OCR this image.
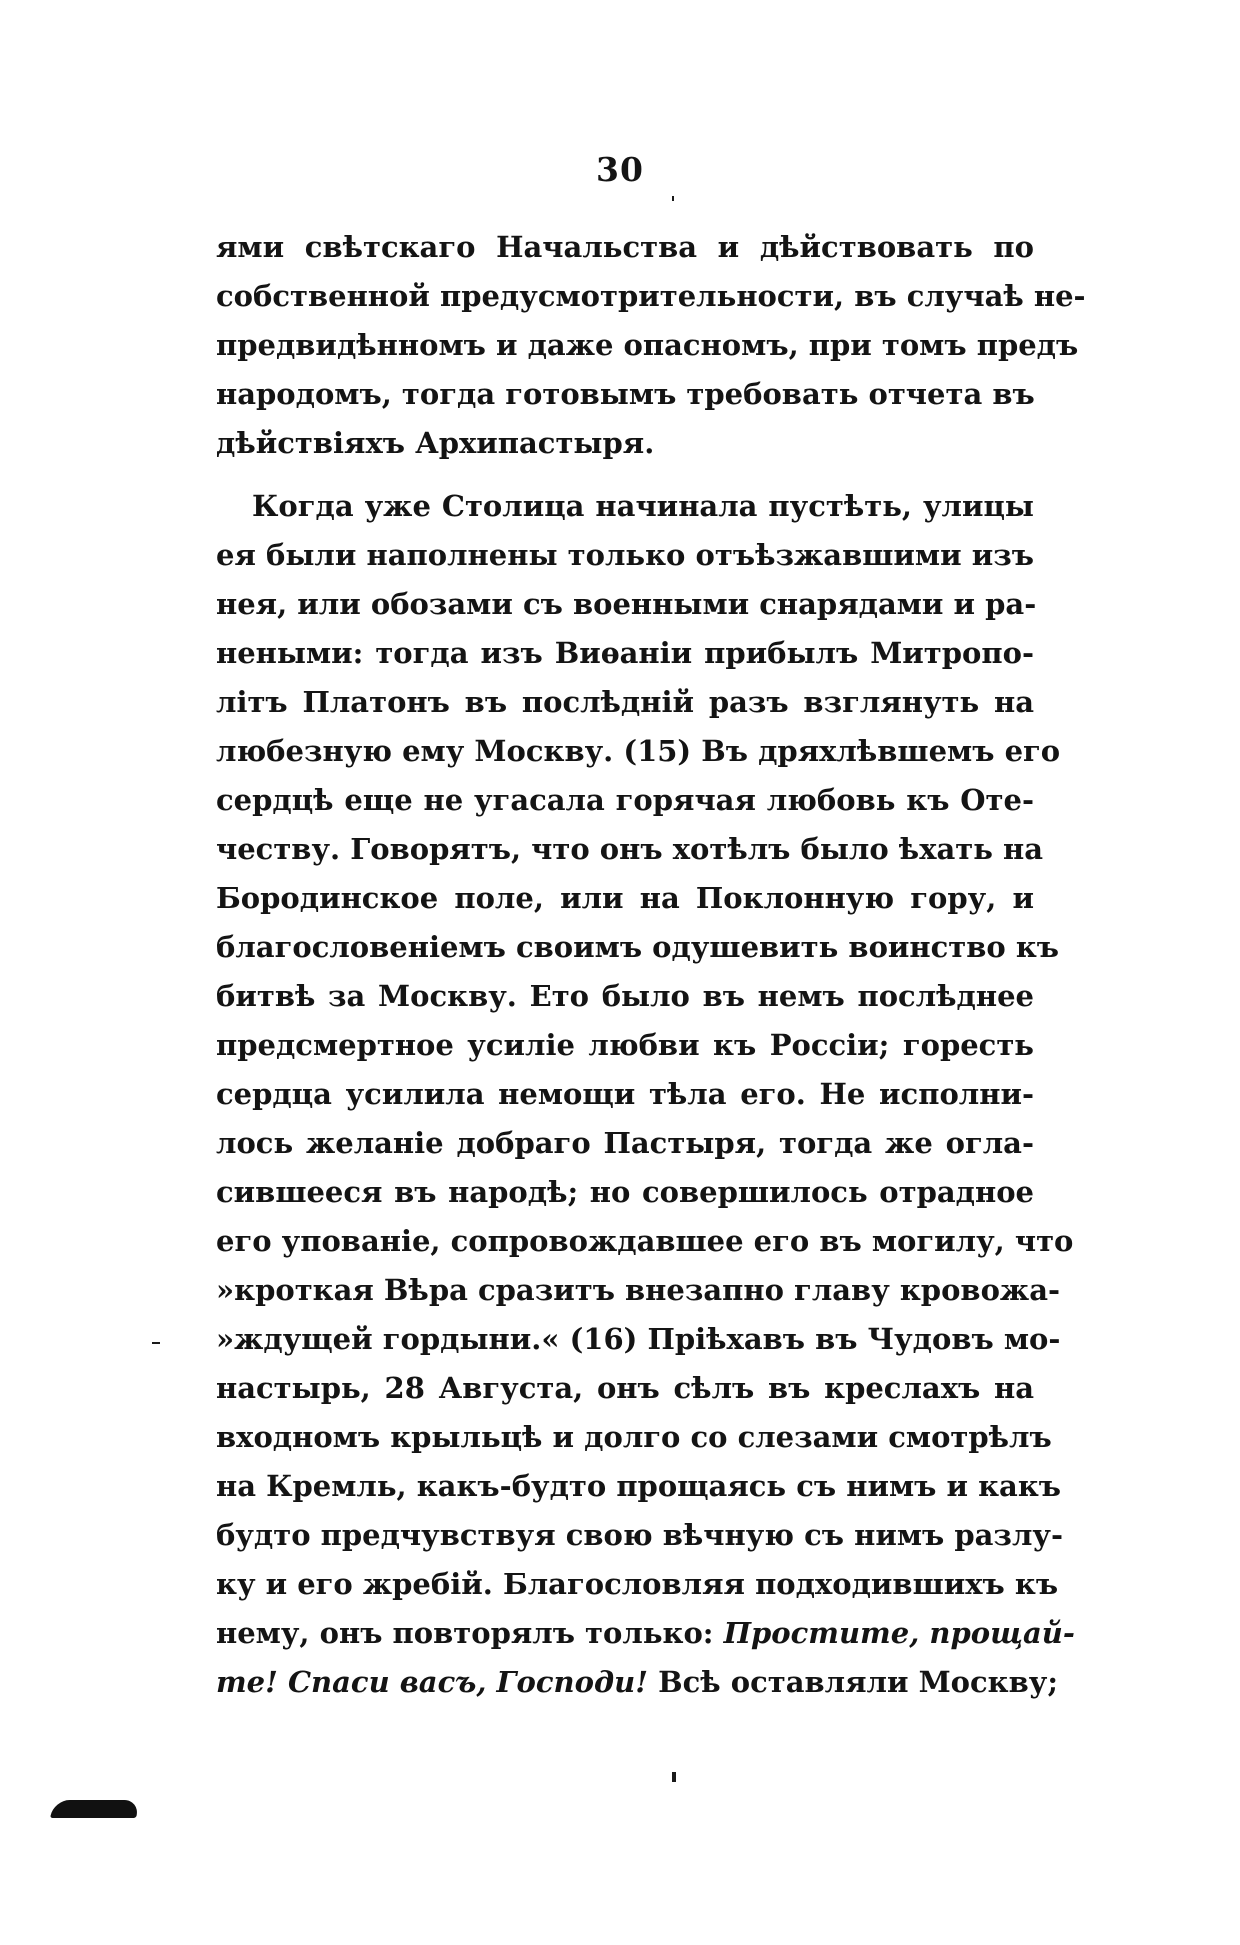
30
ями свѣтскаго Начальства и дѣйствовать по
собственной предусмотрительности, въ случаѣ не-
предвидѣнномъ и даже опасномъ, при томъ предъ
народомъ, тогда готовымъ требовать отчета въ
дѣйствіяхъ Архипастыря.
Когда уже Столица начинала пустѣть, улицы
ея были наполнены только отъѣзжавшими изъ
нея, или обозами съ военными снарядами и ра-
неными: тогда изъ Виѳаніи прибылъ Митропо-
літъ Платонъ въ послѣдній разъ взглянуть на
любезную ему Москву. (15) Въ дряхлѣвшемъ его
сердцѣ еще не угасала горячая любовь къ Оте-
честву. Говорятъ, что онъ хотѣлъ было ѣхать на
Бородинское поле, или на Поклонную гору, и
благословеніемъ своимъ одушевить воинство къ
битвѣ за Москву. Ето было въ немъ послѣднее
предсмертное усиліе любви къ Россіи; горесть
сердца усилила немощи тѣла его. Не исполни-
лось желаніе добраго Пастыря, тогда же огла-
сившееся въ народѣ; но совершилось отрадное
его упованіе, сопровождавшее его въ могилу, что
»кроткая Вѣра сразитъ внезапно главу кровожа-
»ждущей гордыни.« (16) Пріѣхавъ въ Чудовъ мо-
настырь, 28 Августа, онъ сѣлъ въ креслахъ на
входномъ крыльцѣ и долго со слезами смотрѣлъ
на Кремль, какъ-будто прощаясь съ нимъ и какъ
будто предчувствуя свою вѣчную съ нимъ разлу-
ку и его жребій. Благословляя подходившихъ къ
нему, онъ повторялъ только: Простите, прощай-
те! Спаси васъ, Господи! Всѣ оставляли Москву;
